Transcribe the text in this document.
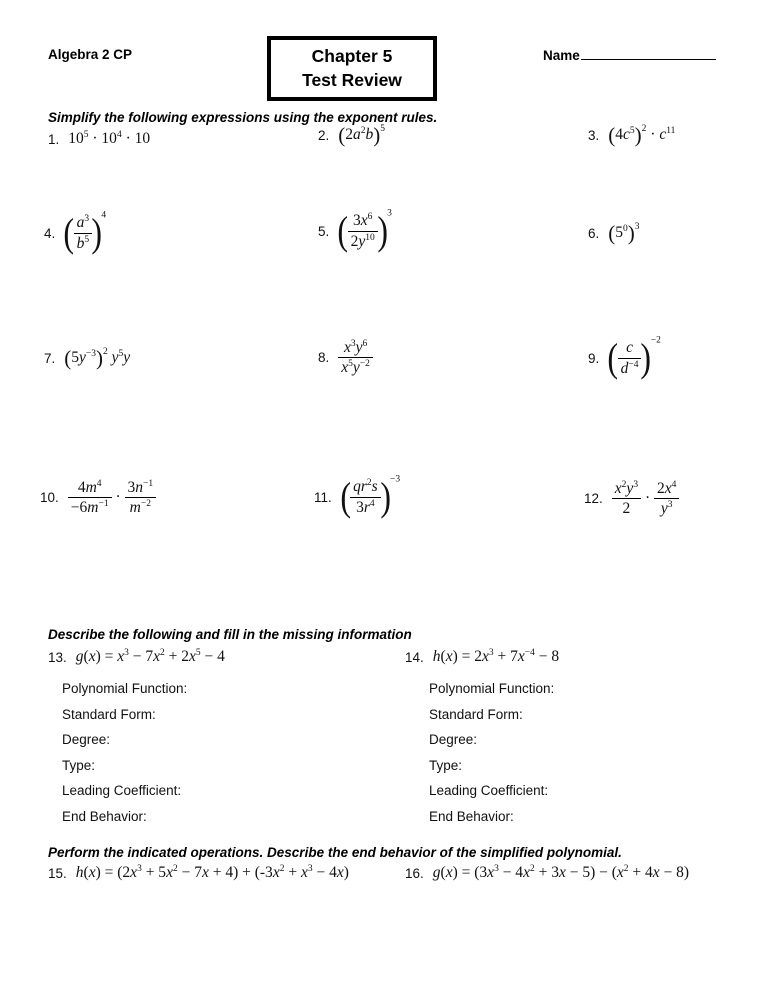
Algebra 2 CP	Chapter 5
Test Review
Name
Simplify the following expressions using the exponent rules.
1. $10^5 \cdot 10^4 \cdot 10$	2. $(2a^2b)^5$	3. $(4c^5)^2 \cdot c^{11}$
4. ( $\frac{a^3}{b^5} )^4$
5. ( $\frac{3x^6}{2y^{10}} )^3$
6. $(5^0)^3$
7. $(5y^{-3})^2$ $y^5y$	8. $\frac{x^3y^6}{x^5y^{-2}}$	9. ( $\frac{c}{d^{-4}} )^{-2}$
10. $\frac{4m^4}{-6m^{-1}} \cdot \frac{3n^{-1}}{m^{-2}}$	11. ( $\frac{qr^2s}{3r^4} )^{-3}$
12. $\frac{x^2y^3}{2} \cdot \frac{2x^4}{y^3}$
Describe the following and fill in the missing information
13. $g(x) = x^3 - 7x^2 + 2x^5 - 4$	14. $h(x) = 2x^3 + 7x^{-4} - 8$
Polynomial Function:
Standard Form:
Degree:
Type:
Leading Coefficient:
End Behavior:
Polynomial Function:
Standard Form:
Degree:
Type:
Leading Coefficient:
End Behavior:
Perform the indicated operations. Describe the end behavior of the simplified polynomial.
15. $h(x) = (2x^3 + 5x^2 - 7x + 4) + (-3x^2 + x^3 - 4x)$	16. $g(x) = (3x^3 - 4x^2 + 3x - 5) - (x^2 + 4x - 8)$
